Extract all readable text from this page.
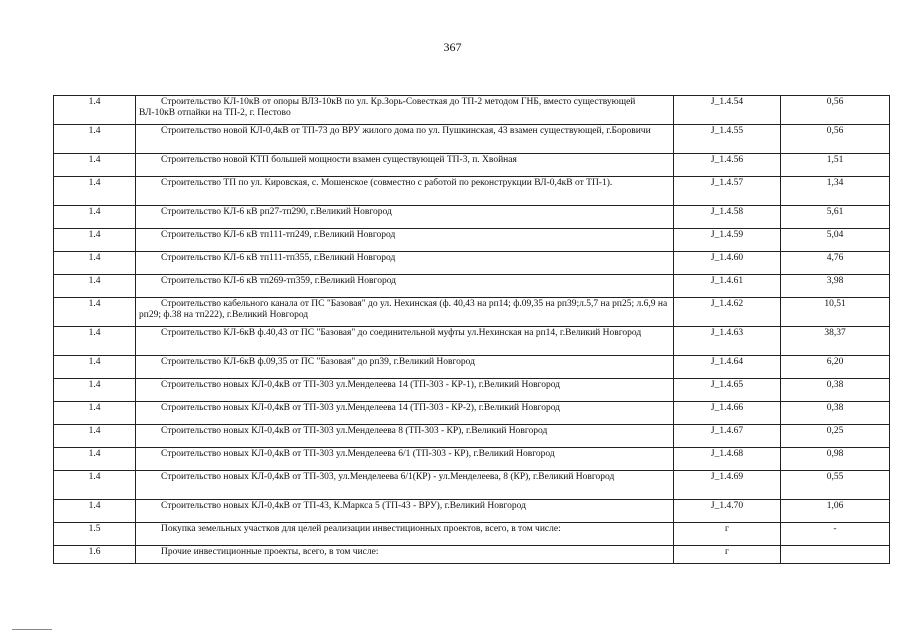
367
1.4	Строительство КЛ-10кВ от опоры ВЛЗ-10кВ по ул. Кр.Зорь-Совесткая до ТП-2 методом ГНБ, вместо существующей ВЛ-10кВ отпайки на ТП-2, г. Пестово	J_1.4.54	0,56
1.4	Строительство новой КЛ-0,4кВ от ТП-73 до ВРУ жилого дома по ул. Пушкинская, 43 взамен существующей, г.Боровичи	J_1.4.55	0,56
1.4	Строительство новой КТП большей мощности взамен существующей ТП-3, п. Хвойная	J_1.4.56	1,51
1.4	Строительство ТП по ул. Кировская, с. Мошенское (совместно с работой по реконструкции ВЛ-0,4кВ от ТП-1).	J_1.4.57	1,34
1.4	Строительство КЛ-6 кВ рп27-тп290, г.Великий Новгород	J_1.4.58	5,61
1.4	Строительство КЛ-6 кВ тп111-тп249, г.Великий Новгород	J_1.4.59	5,04
1.4	Строительство КЛ-6 кВ тп111-тп355, г.Великий Новгород	J_1.4.60	4,76
1.4	Строительство КЛ-6 кВ тп269-тп359, г.Великий Новгород	J_1.4.61	3,98
1.4	Строительство кабельного канала от ПС "Базовая" до ул. Нехинская (ф. 40,43 на рп14; ф.09,35 на рп39;л.5,7 на рп25; л.6,9 на рп29; ф.38 на тп222), г.Великий Новгород	J_1.4.62	10,51
1.4	Строительство КЛ-6кВ ф.40,43 от ПС "Базовая" до соединительной муфты ул.Нехинская на рп14, г.Великий Новгород	J_1.4.63	38,37
1.4	Строительство КЛ-6кВ ф.09,35 от ПС "Базовая" до рп39, г.Великий Новгород	J_1.4.64	6,20
1.4	Строительство новых КЛ-0,4кВ от ТП-303 ул.Менделеева 14 (ТП-303 - КР-1), г.Великий Новгород	J_1.4.65	0,38
1.4	Строительство новых КЛ-0,4кВ от ТП-303 ул.Менделеева 14 (ТП-303 - КР-2), г.Великий Новгород	J_1.4.66	0,38
1.4	Строительство новых КЛ-0,4кВ от ТП-303 ул.Менделеева 8 (ТП-303 - КР), г.Великий Новгород	J_1.4.67	0,25
1.4	Строительство новых КЛ-0,4кВ от ТП-303 ул.Менделеева 6/1 (ТП-303 - КР), г.Великий Новгород	J_1.4.68	0,98
1.4	Строительство новых КЛ-0,4кВ от ТП-303, ул.Менделеева 6/1(КР) - ул.Менделеева, 8 (КР), г.Великий Новгород	J_1.4.69	0,55
1.4	Строительство новых КЛ-0,4кВ от ТП-43, К.Маркса 5 (ТП-43 - ВРУ), г.Великий Новгород	J_1.4.70	1,06
1.5	Покупка земельных участков для целей реализации инвестиционных проектов, всего, в том числе:	г	-
1.6	Прочие инвестиционные проекты, всего, в том числе:	г	
